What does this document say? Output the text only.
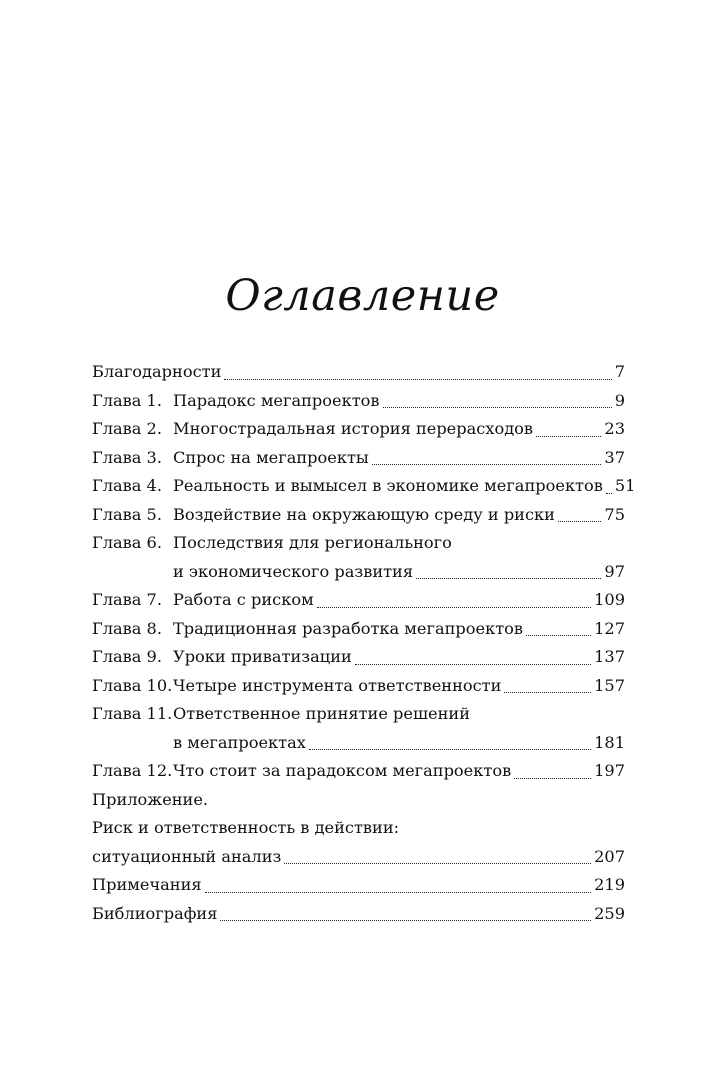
Оглавление
Благодарности	7
Глава 1. Парадокс мегапроектов	9
Глава 2. Многострадальная история перерасходов	23
Глава 3. Спрос на мегапроекты	37
Глава 4. Реальность и вымысел в экономике мегапроектов 51
Глава 5. Воздействие на окружающую среду и риски	75
Глава 6. Последствия для регионального
и экономического развития	97
Глава 7. Работа с риском	109
Глава 8. Традиционная разработка мегапроектов	127
Глава 9. Уроки приватизации	137
Глава 10. Четыре инструмента ответственности	157
Глава 11. Ответственное принятие решений
в мегапроектах	181
Глава 12. Что стоит за парадоксом мегапроектов	197
Приложение.
Риск и ответственность в действии:
ситуационный анализ	207
Примечания	219
Библиография	259
